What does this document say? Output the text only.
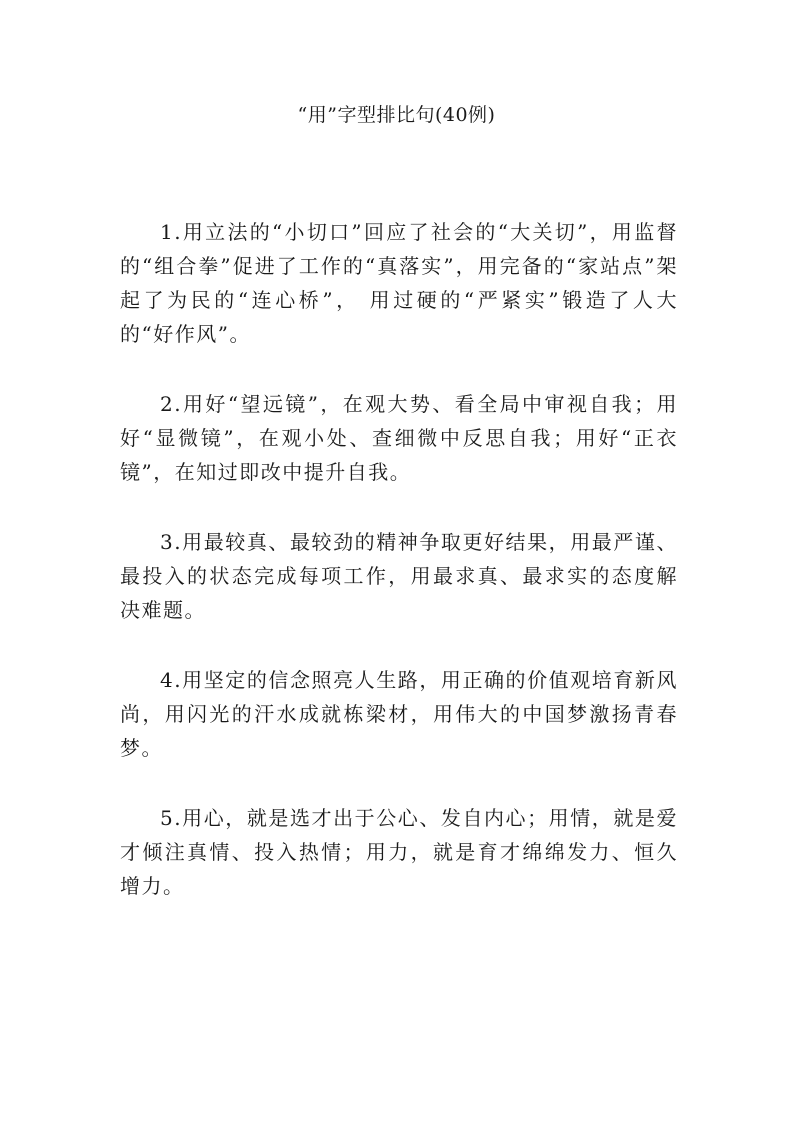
“用”字型排比句(40例)

1.用立法的“小切口”回应了社会的“大关切”，用监督的“组合拳”促进了工作的“真落实”，用完备的“家站点”架起了为民的“连心桥”， 用过硬的“严紧实”锻造了人大的“好作风”。

2.用好“望远镜”，在观大势、看全局中审视自我；用好“显微镜”，在观小处、查细微中反思自我；用好“正衣镜”，在知过即改中提升自我。

3.用最较真、最较劲的精神争取更好结果，用最严谨、最投入的状态完成每项工作，用最求真、最求实的态度解决难题。

4.用坚定的信念照亮人生路，用正确的价值观培育新风尚，用闪光的汗水成就栋梁材，用伟大的中国梦激扬青春梦。

5.用心，就是选才出于公心、发自内心；用情，就是爱才倾注真情、投入热情；用力，就是育才绵绵发力、恒久增力。
